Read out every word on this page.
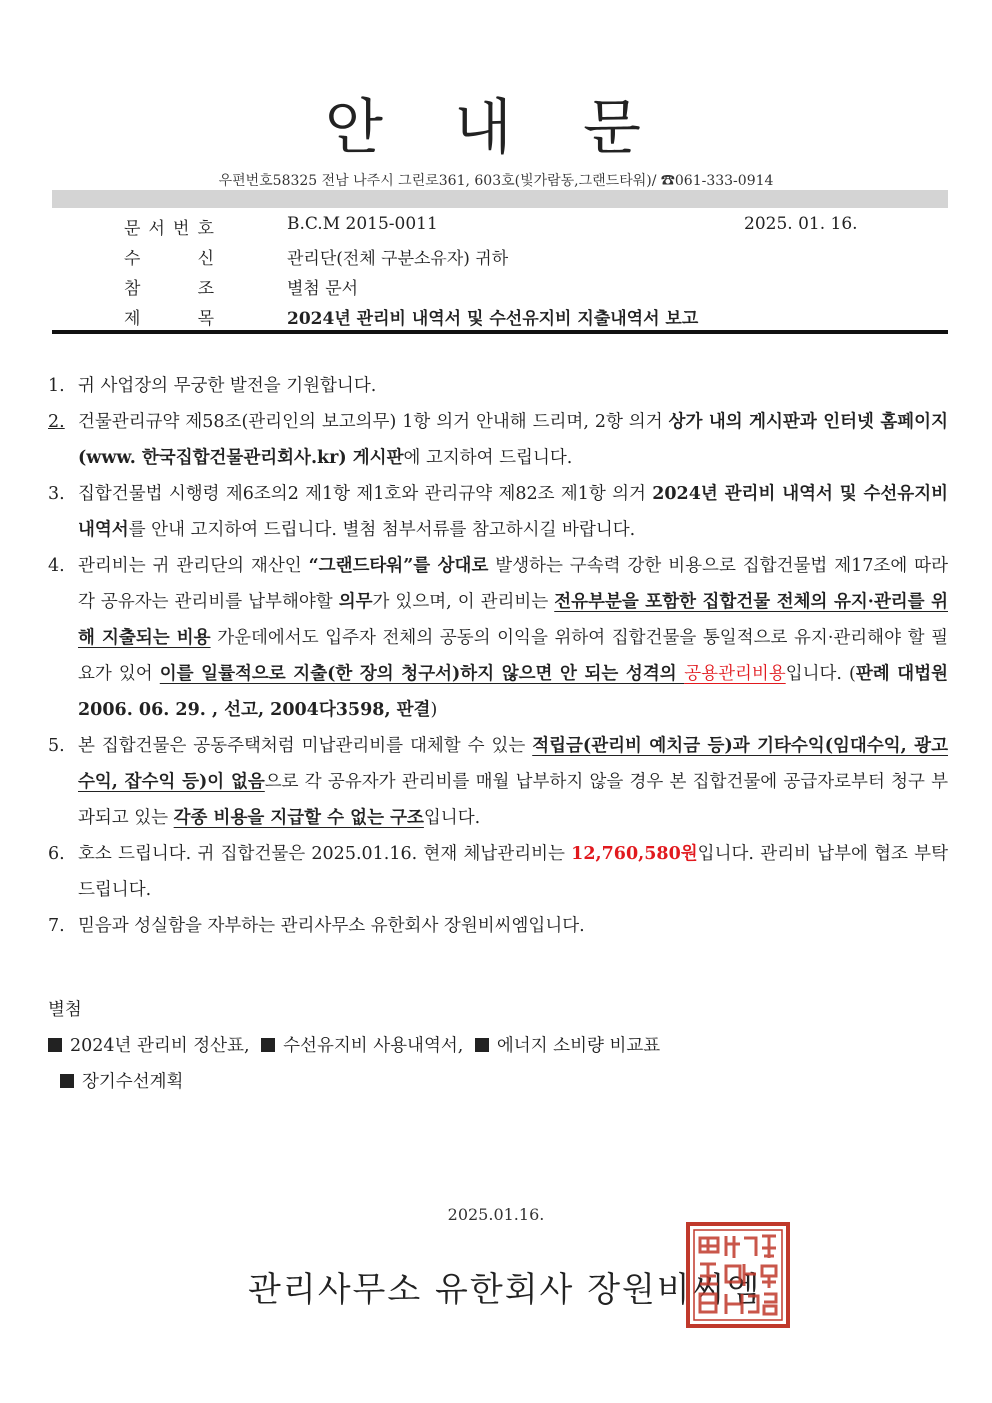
안 내 문
우편번호58325 전남 나주시 그린로361, 603호(빛가람동,그랜드타워)/ ☎061-333-0914
문 서 번 호	B.C.M 2015-0011	2025. 01. 16.
수	신	관리단(전체 구분소유자) 귀하
참	조	별첨 문서
제	목	2024년 관리비 내역서 및 수선유지비 지출내역서 보고
1. 귀 사업장의 무궁한 발전을 기원합니다.
2. 건물관리규약 제58조(관리인의 보고의무) 1항 의거 안내해 드리며, 2항 의거 상가 내의 게시판과 인터넷 홈페이지(www. 한국집합건물관리회사.kr) 게시판에 고지하여 드립니다.
3. 집합건물법 시행령 제6조의2 제1항 제1호와 관리규약 제82조 제1항 의거 2024년 관리비 내역서 및 수선유지비 내역서를 안내 고지하여 드립니다. 별첨 첨부서류를 참고하시길 바랍니다.
4. 관리비는 귀 관리단의 재산인 “그랜드타워”를 상대로 발생하는 구속력 강한 비용으로 집합건물법 제17조에 따라 각 공유자는 관리비를 납부해야할 의무가 있으며, 이 관리비는 전유부분을 포함한 집합건물 전체의 유지·관리를 위해 지출되는 비용 가운데에서도 입주자 전체의 공동의 이익을 위하여 집합건물을 통일적으로 유지·관리해야 할 필요가 있어 이를 일률적으로 지출(한 장의 청구서)하지 않으면 안 되는 성격의 공용관리비용입니다. (판례 대법원 2006. 06. 29. , 선고, 2004다3598, 판결)
5. 본 집합건물은 공동주택처럼 미납관리비를 대체할 수 있는 적립금(관리비 예치금 등)과 기타수익(임대수익, 광고수익, 잡수익 등)이 없음으로 각 공유자가 관리비를 매월 납부하지 않을 경우 본 집합건물에 공급자로부터 청구 부과되고 있는 각종 비용을 지급할 수 없는 구조입니다.
6. 호소 드립니다. 귀 집합건물은 2025.01.16. 현재 체납관리비는 12,760,580원입니다. 관리비 납부에 협조 부탁드립니다.
7. 믿음과 성실함을 자부하는 관리사무소 유한회사 장원비씨엠입니다.
별첨
2024년 관리비 정산표, 수선유지비 사용내역서, 에너지 소비량 비교표
장기수선계획
2025.01.16.
관리사무소 유한회사 장원비씨엠
